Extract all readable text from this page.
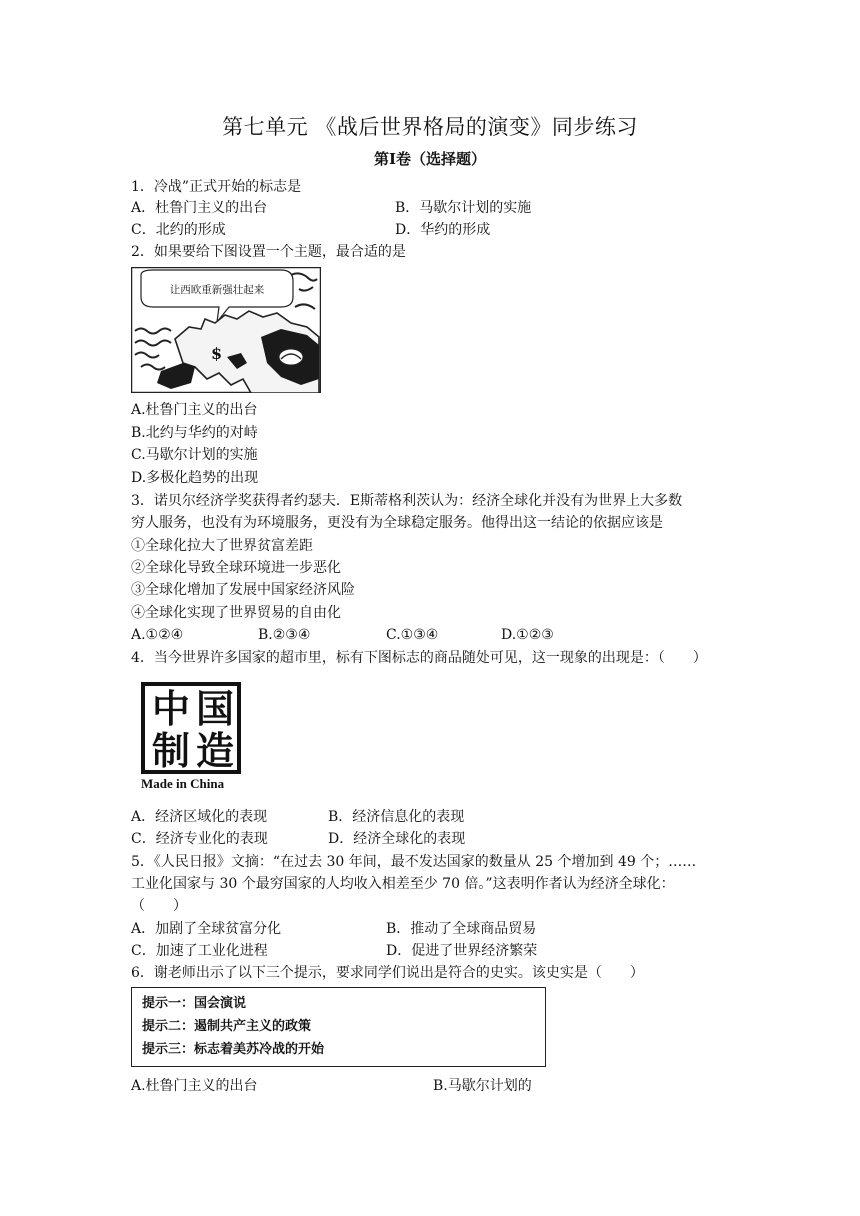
第七单元 《战后世界格局的演变》同步练习
第Ⅰ卷（选择题）
1．冷战”正式开始的标志是
A．杜鲁门主义的出台	B．马歇尔计划的实施
C．北约的形成	D．华约的形成
2．如果要给下图设置一个主题，最合适的是
让西欧重新强壮起来
$
A.杜鲁门主义的出台
B.北约与华约的对峙
C.马歇尔计划的实施
D.多极化趋势的出现
3．诺贝尔经济学奖获得者约瑟夫．E斯蒂格利茨认为：经济全球化并没有为世界上大多数
穷人服务，也没有为环境服务，更没有为全球稳定服务。他得出这一结论的依据应该是
①全球化拉大了世界贫富差距
②全球化导致全球环境进一步恶化
③全球化增加了发展中国家经济风险
④全球化实现了世界贸易的自由化
A.①②④	B.②③④	C.①③④	D.①②③
4．当今世界许多国家的超市里，标有下图标志的商品随处可见，这一现象的出现是：（　　）
中 国
制 造
Made in China
A．经济区域化的表现	B．经济信息化的表现
C．经济专业化的表现	D．经济全球化的表现
5．《人民日报》文摘：“在过去 30 年间，最不发达国家的数量从 25 个增加到 49 个；……
工业化国家与 30 个最穷国家的人均收入相差至少 70 倍。”这表明作者认为经济全球化：
（　　）
A．加剧了全球贫富分化	B．推动了全球商品贸易
C．加速了工业化进程	D．促进了世界经济繁荣
6．谢老师出示了以下三个提示，要求同学们说出是符合的史实。该史实是（　　）
提示一：国会演说
提示二：遏制共产主义的政策
提示三：标志着美苏冷战的开始
A.杜鲁门主义的出台	B.马歇尔计划的
